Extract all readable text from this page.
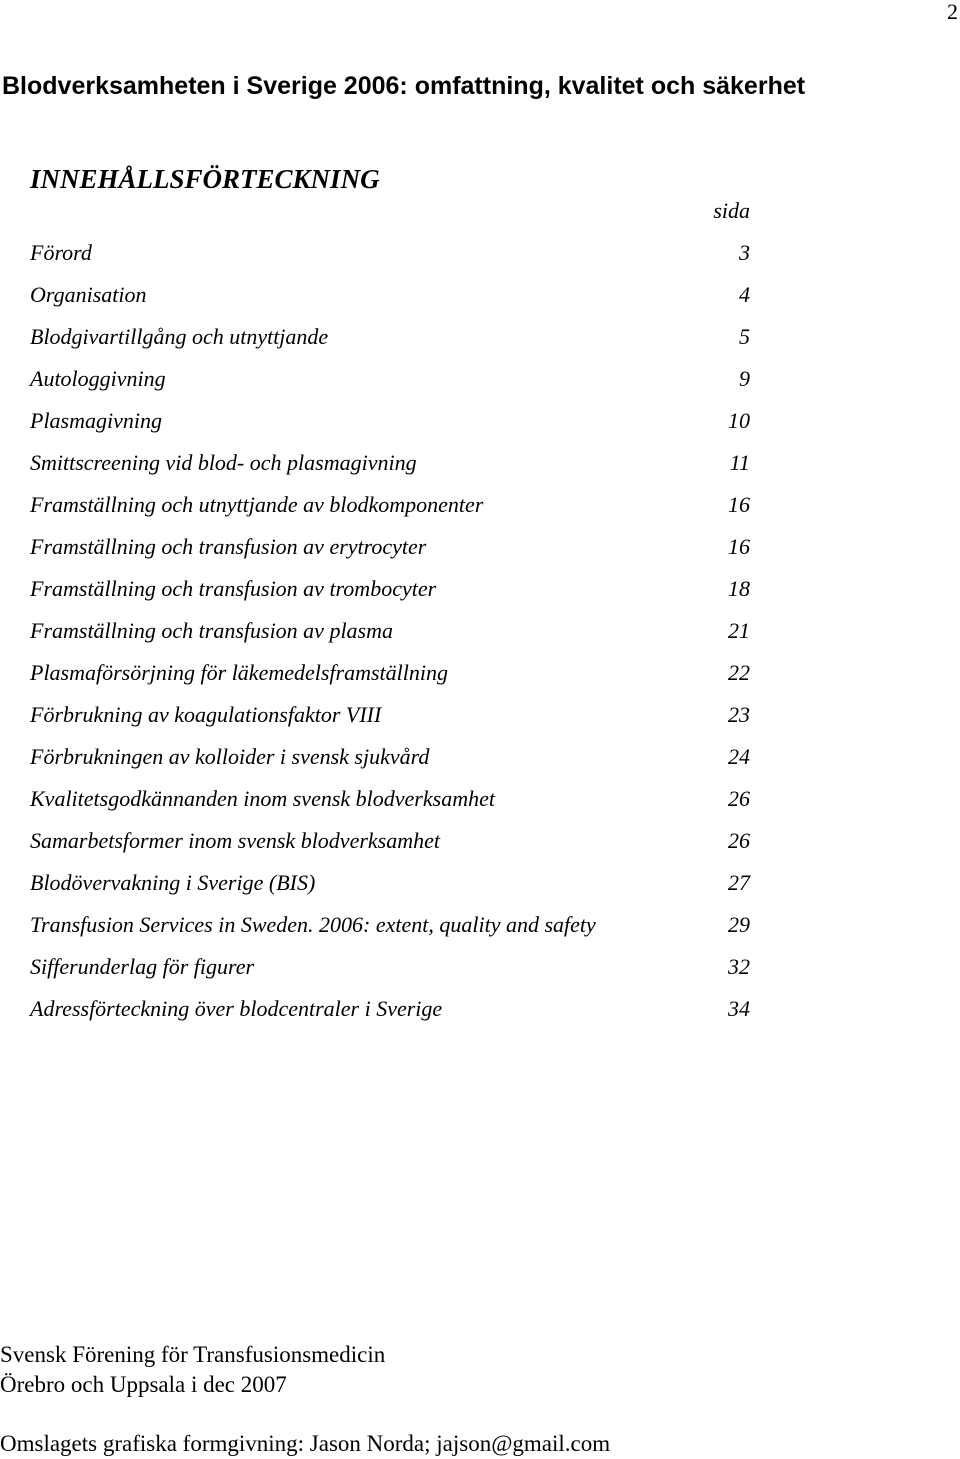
2
Blodverksamheten i Sverige 2006: omfattning, kvalitet och säkerhet
INNEHÅLLSFÖRTECKNING
sida
Förord	3
Organisation	4
Blodgivartillgång och utnyttjande	5
Autologgivning	9
Plasmagivning	10
Smittscreening vid blod- och plasmagivning	11
Framställning och utnyttjande av blodkomponenter	16
Framställning och transfusion av erytrocyter	16
Framställning och transfusion av trombocyter	18
Framställning och transfusion av plasma	21
Plasmaförsörjning för läkemedelsframställning	22
Förbrukning av koagulationsfaktor VIII	23
Förbrukningen av kolloider i svensk sjukvård	24
Kvalitetsgodkännanden inom svensk blodverksamhet	26
Samarbetsformer inom svensk blodverksamhet	26
Blodövervakning i Sverige (BIS)	27
Transfusion Services in Sweden. 2006: extent, quality and safety	29
Sifferunderlag för figurer	32
Adressförteckning över blodcentraler i Sverige	34
Svensk Förening för Transfusionsmedicin
Örebro och Uppsala i dec 2007
Omslagets grafiska formgivning: Jason Norda; jajson@gmail.com
